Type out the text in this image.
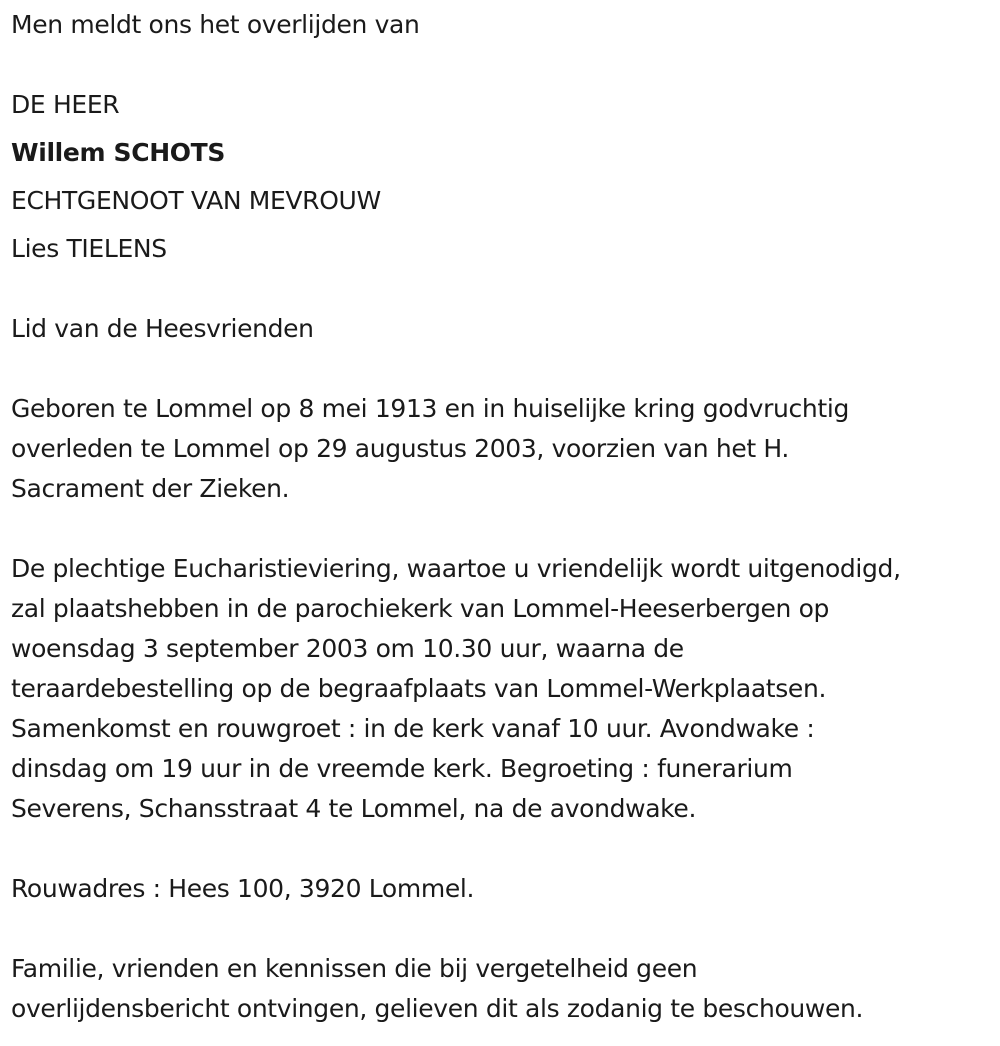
Men meldt ons het overlijden van
DE HEER
Willem SCHOTS
ECHTGENOOT VAN MEVROUW
Lies TIELENS
Lid van de Heesvrienden
Geboren te Lommel op 8 mei 1913 en in huiselijke kring godvruchtig
overleden te Lommel op 29 augustus 2003, voorzien van het H.
Sacrament der Zieken.
De plechtige Eucharistieviering, waartoe u vriendelijk wordt uitgenodigd,
zal plaatshebben in de parochiekerk van Lommel-Heeserbergen op
woensdag 3 september 2003 om 10.30 uur, waarna de
teraardebestelling op de begraafplaats van Lommel-Werkplaatsen.
Samenkomst en rouwgroet : in de kerk vanaf 10 uur. Avondwake :
dinsdag om 19 uur in de vreemde kerk. Begroeting : funerarium
Severens, Schansstraat 4 te Lommel, na de avondwake.
Rouwadres : Hees 100, 3920 Lommel.
Familie, vrienden en kennissen die bij vergetelheid geen
overlijdensbericht ontvingen, gelieven dit als zodanig te beschouwen.
